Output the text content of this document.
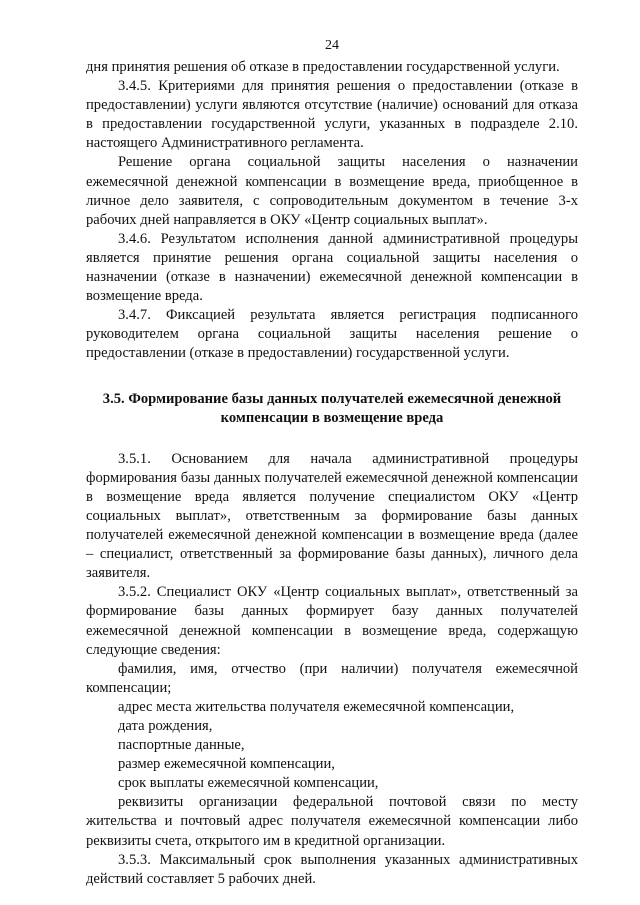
24

дня принятия решения об отказе в предоставлении государственной услуги.

3.4.5. Критериями для принятия решения о предоставлении (отказе в предоставлении) услуги являются отсутствие (наличие) оснований для отказа в предоставлении государственной услуги, указанных в подразделе 2.10. настоящего Административного регламента.

Решение органа социальной защиты населения о назначении ежемесячной денежной компенсации в возмещение вреда, приобщенное в личное дело заявителя, с сопроводительным документом в течение 3-х рабочих дней направляется в ОКУ «Центр социальных выплат».

3.4.6. Результатом исполнения данной административной процедуры является принятие решения органа социальной защиты населения о назначении (отказе в назначении) ежемесячной денежной компенсации в возмещение вреда.

3.4.7. Фиксацией результата является регистрация подписанного руководителем органа социальной защиты населения решение о предоставлении (отказе в предоставлении) государственной услуги.

3.5. Формирование базы данных получателей ежемесячной денежной компенсации в возмещение вреда

3.5.1. Основанием для начала административной процедуры формирования базы данных получателей ежемесячной денежной компенсации в возмещение вреда является получение специалистом ОКУ «Центр социальных выплат», ответственным за формирование базы данных получателей ежемесячной денежной компенсации в возмещение вреда (далее – специалист, ответственный за формирование базы данных), личного дела заявителя.

3.5.2. Специалист ОКУ «Центр социальных выплат», ответственный за формирование базы данных формирует базу данных получателей ежемесячной денежной компенсации в возмещение вреда, содержащую следующие сведения:

фамилия, имя, отчество (при наличии) получателя ежемесячной компенсации;

адрес места жительства получателя ежемесячной компенсации,

дата рождения,

паспортные данные,

размер ежемесячной компенсации,

срок выплаты ежемесячной компенсации,

реквизиты организации федеральной почтовой связи по месту жительства и почтовый адрес получателя ежемесячной компенсации либо реквизиты счета, открытого им в кредитной организации.

3.5.3. Максимальный срок выполнения указанных административных действий составляет 5 рабочих дней.
